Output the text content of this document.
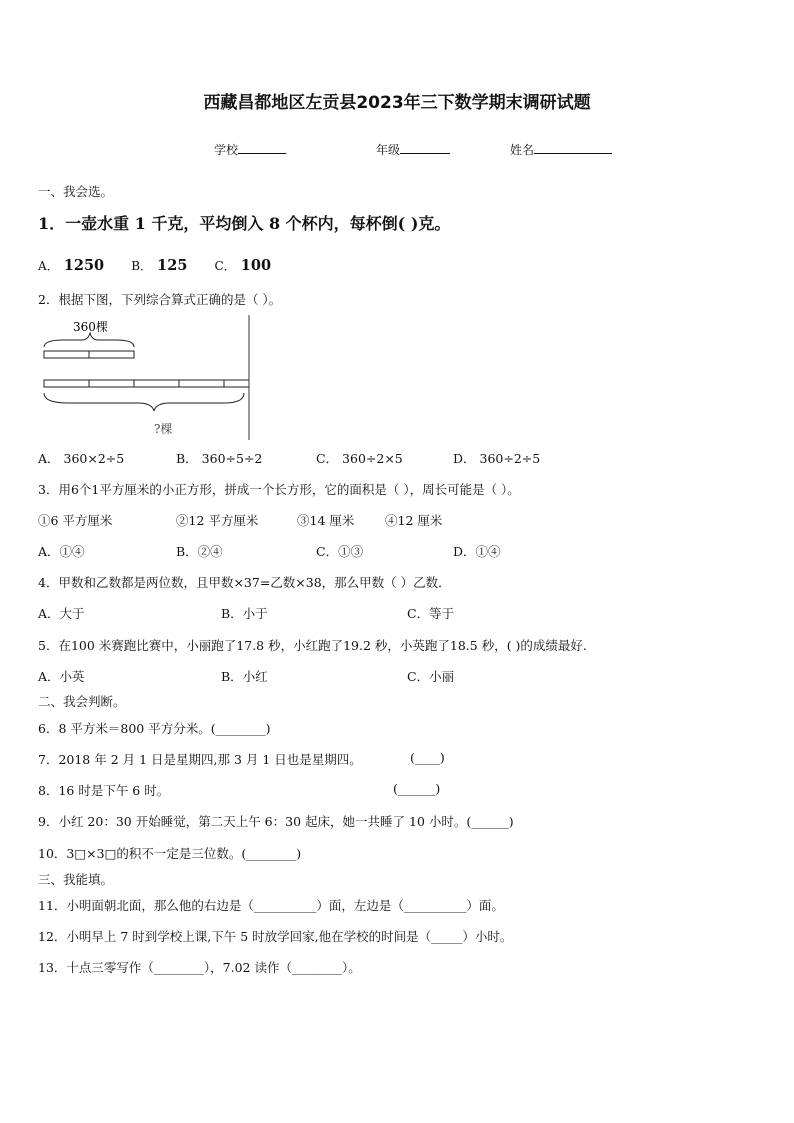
西藏昌都地区左贡县2023年三下数学期末调研试题
学校	年级	姓名
一、我会选。
1．一壶水重 1 千克，平均倒入 8 个杯内，每杯倒( )克。
A． 1250 B． 125 C． 100
2．根据下图，下列综合算式正确的是（ ）。
360棵
?棵
A． 360×2÷5	B． 360÷5÷2	C． 360÷2×5	D． 360÷2÷5
3．用6个1平方厘米的小正方形，拼成一个长方形，它的面积是（ ），周长可能是（ ）。
①6 平方厘米	②12 平方厘米	③14 厘米 ④12 厘米
A．①④	B．②④	C．①③	D．①④
4．甲数和乙数都是两位数，且甲数×37=乙数×38，那么甲数（ ）乙数．
A．大于	B．小于	C．等于
5．在100 米赛跑比赛中，小丽跑了17.8 秒，小红跑了19.2 秒，小英跑了18.5 秒，( )的成绩最好.
A．小英	B．小红	C．小丽
二、我会判断。
6．8 平方米＝800 平方分米。(________)
7．2018 年 2 月 1 日是星期四,那 3 月 1 日也是星期四。	(____)
8．16 时是下午 6 时。	(______)
9．小红 20：30 开始睡觉，第二天上午 6：30 起床，她一共睡了 10 小时。(______)
10．3□×3□的积不一定是三位数。(________)
三、我能填。
11．小明面朝北面，那么他的右边是（__________）面，左边是（__________）面。
12．小明早上 7 时到学校上课,下午 5 时放学回家,他在学校的时间是（_____）小时。
13．十点三零写作（________），7.02 读作（________）。
